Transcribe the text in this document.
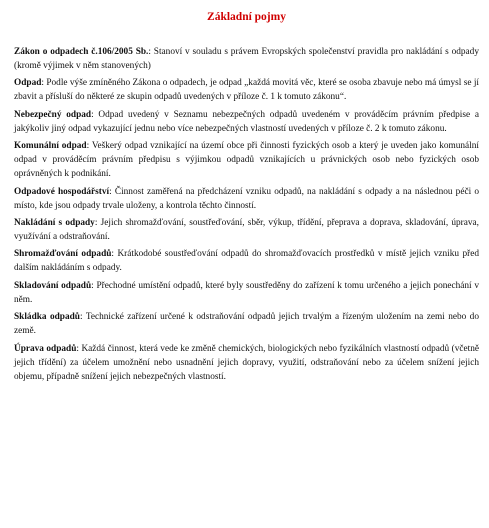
Základní pojmy

Zákon o odpadech č.106/2005 Sb.: Stanoví v souladu s právem Evropských společenství pravidla pro nakládání s odpady (kromě výjimek v něm stanovených)

Odpad: Podle výše zmíněného Zákona o odpadech, je odpad „každá movitá věc, které se osoba zbavuje nebo má úmysl se jí zbavit a přísluší do některé ze skupin odpadů uvedených v příloze č. 1 k tomuto zákonu“.

Nebezpečný odpad: Odpad uvedený v Seznamu nebezpečných odpadů uvedeném v prováděcím právním předpise a jakýkoliv jiný odpad vykazující jednu nebo více nebezpečných vlastností uvedených v příloze č. 2 k tomuto zákonu.

Komunální odpad: Veškerý odpad vznikající na území obce při činnosti fyzických osob a který je uveden jako komunální odpad v prováděcím právním předpisu s výjimkou odpadů vznikajících u právnických osob nebo fyzických osob oprávněných k podnikání.

Odpadové hospodářství: Činnost zaměřená na předcházení vzniku odpadů, na nakládání s odpady a na následnou péči o místo, kde jsou odpady trvale uloženy, a kontrola těchto činností.

Nakládání s odpady: Jejich shromažďování, soustřeďování, sběr, výkup, třídění, přeprava a doprava, skladování, úprava, využívání a odstraňování.

Shromažďování odpadů: Krátkodobé soustřeďování odpadů do shromažďovacích prostředků v místě jejich vzniku před dalším nakládáním s odpady.

Skladování odpadů: Přechodné umístění odpadů, které byly soustředěny do zařízení k tomu určeného a jejich ponechání v něm.

Skládka odpadů: Technické zařízení určené k odstraňování odpadů jejich trvalým a řízeným uložením na zemi nebo do země.

Úprava odpadů: Každá činnost, která vede ke změně chemických, biologických nebo fyzikálních vlastností odpadů (včetně jejich třídění) za účelem umožnění nebo usnadnění jejich dopravy, využití, odstraňování nebo za účelem snížení jejich objemu, případně snížení jejich nebezpečných vlastností.
